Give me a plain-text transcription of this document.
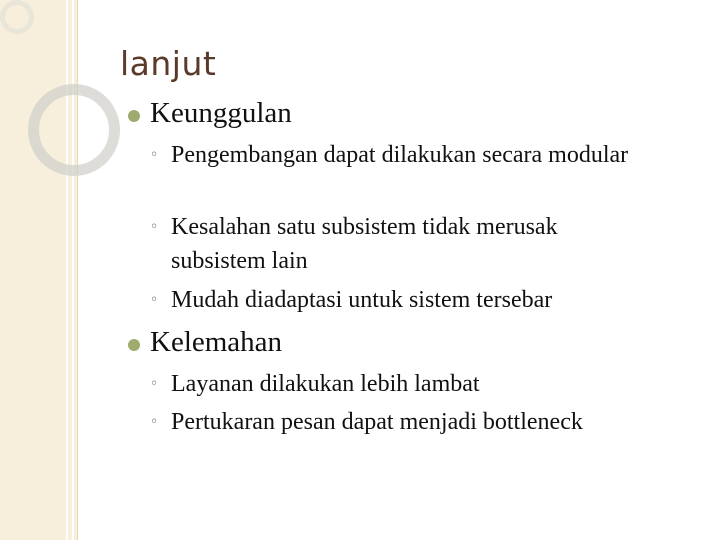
lanjut
Keunggulan
◦ Pengembangan dapat dilakukan secara modular
◦ Kesalahan satu subsistem tidak merusak subsistem lain
◦ Mudah diadaptasi untuk sistem tersebar
Kelemahan
◦ Layanan dilakukan lebih lambat
◦ Pertukaran pesan dapat menjadi bottleneck
